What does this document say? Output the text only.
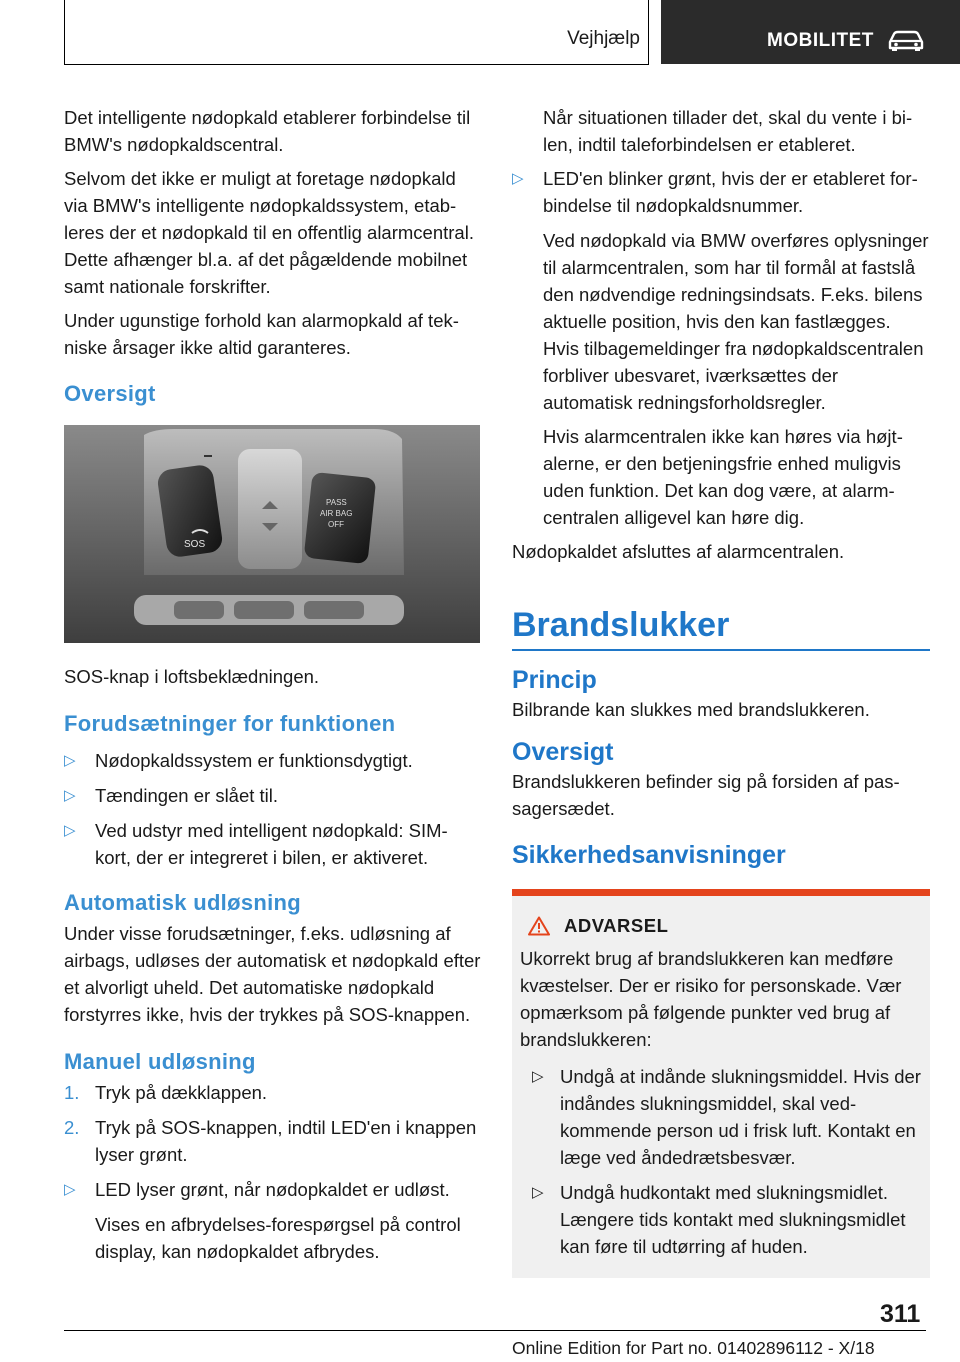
Vejhjælp	MOBILITET

Det intelligente nødopkald etablerer forbindelse til BMW's nødopkaldscentral.

Selvom det ikke er muligt at foretage nødopkald via BMW's intelligente nødopkaldssystem, etableres der et nødopkald til en offentlig alarmcentral. Dette afhænger bl.a. af det pågældende mobilnet samt nationale forskrifter.

Under ugunstige forhold kan alarmopkald af tekniske årsager ikke altid garanteres.

Oversigt
SOS
PASS
AIR BAG
OFF

SOS-knap i loftsbeklædningen.

Forudsætninger for funktionen
▷ Nødopkaldssystem er funktionsdygtigt.
▷ Tændingen er slået til.
▷ Ved udstyr med intelligent nødopkald: SIM-kort, der er integreret i bilen, er aktiveret.
Automatisk udløsning

Under visse forudsætninger, f.eks. udløsning af airbags, udløses der automatisk et nødopkald efter et alvorligt uheld. Det automatiske nødopkald forstyrres ikke, hvis der trykkes på SOS-knappen.

Manuel udløsning
1. Tryk på dækklappen.
2. Tryk på SOS-knappen, indtil LED'en i knappen lyser grønt.
▷ LED lyser grønt, når nødopkaldet er udløst.

Vises en afbrydelses-forespørgsel på control display, kan nødopkaldet afbrydes.

Når situationen tillader det, skal du vente i bilen, indtil taleforbindelsen er etableret.

▷ LED'en blinker grønt, hvis der er etableret forbindelse til nødopkaldsnummer.

Ved nødopkald via BMW overføres oplysninger til alarmcentralen, som har til formål at fastslå den nødvendige redningsindsats. F.eks. bilens aktuelle position, hvis den kan fastlægges. Hvis tilbagemeldinger fra nødopkaldscentralen forbliver ubesvaret, iværksættes der automatisk redningsforholdsregler.

Hvis alarmcentralen ikke kan høres via højtalerne, er den betjeningsfrie enhed muligvis uden funktion. Det kan dog være, at alarmcentralen alligevel kan høre dig.

Nødopkaldet afsluttes af alarmcentralen.

Brandslukker
Princip

Bilbrande kan slukkes med brandslukkeren.

Oversigt

Brandslukkeren befinder sig på forsiden af passagersædet.

Sikkerhedsanvisninger
ADVARSEL

Ukorrekt brug af brandslukkeren kan medføre kvæstelser. Der er risiko for personskade. Vær opmærksom på følgende punkter ved brug af brandslukkeren:

▷ Undgå at indånde slukningsmiddel. Hvis der indåndes slukningsmiddel, skal vedkommende person ud i frisk luft. Kontakt en læge ved åndedrætsbesvær.
▷ Undgå hudkontakt med slukningsmidlet. Længere tids kontakt med slukningsmidlet kan føre til udtørring af huden.
311
Online Edition for Part no. 01402896112 - X/18
